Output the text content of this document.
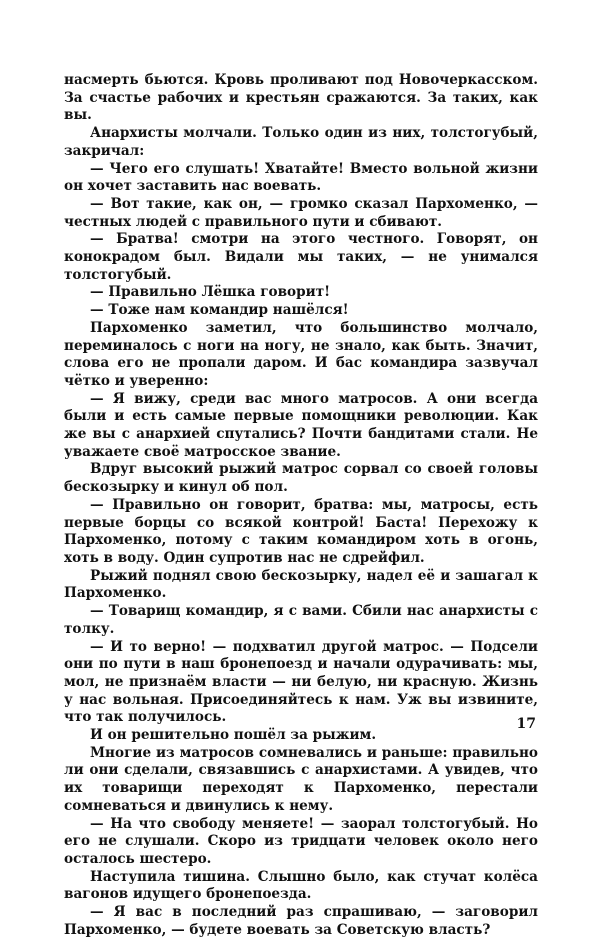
насмерть бьются. Кровь проливают под Новочеркасском. За счастье рабочих и крестьян сражаются. За таких, как вы.

Анархисты молчали. Только один из них, толстогубый, закричал:

— Чего его слушать! Хватайте! Вместо вольной жизни он хочет заставить нас воевать.

— Вот такие, как он, — громко сказал Пархоменко, — честных людей с правильного пути и сбивают.

— Братва! смотри на этого честного. Говорят, он конокрадом был. Видали мы таких, — не унимался толстогубый.

— Правильно Лёшка говорит!

— Тоже нам командир нашёлся!

Пархоменко заметил, что большинство молчало, переминалось с ноги на ногу, не знало, как быть. Значит, слова его не пропали даром. И бас командира зазвучал чётко и уверенно:

— Я вижу, среди вас много матросов. А они всегда были и есть самые первые помощники революции. Как же вы с анархией спутались? Почти бандитами стали. Не уважаете своё матросское звание.

Вдруг высокий рыжий матрос сорвал со своей головы бескозырку и кинул об пол.

— Правильно он говорит, братва: мы, матросы, есть первые борцы со всякой контрой! Баста! Перехожу к Пархоменко, потому с таким командиром хоть в огонь, хоть в воду. Один супротив нас не сдрейфил.

Рыжий поднял свою бескозырку, надел её и зашагал к Пархоменко.

— Товарищ командир, я с вами. Сбили нас анархисты с толку.

— И то верно! — подхватил другой матрос. — Подсели они по пути в наш бронепоезд и начали одурачивать: мы, мол, не признаём власти — ни белую, ни красную. Жизнь у нас вольная. Присоединяйтесь к нам. Уж вы извините, что так получилось.

И он решительно пошёл за рыжим.

Многие из матросов сомневались и раньше: правильно ли они сделали, связавшись с анархистами. А увидев, что их товарищи переходят к Пархоменко, перестали сомневаться и двинулись к нему.

— На что свободу меняете! — заорал толстогубый. Но его не слушали. Скоро из тридцати человек около него осталось шестеро.

Наступила тишина. Слышно было, как стучат колёса вагонов идущего бронепоезда.

— Я вас в последний раз спрашиваю, — заговорил Пархоменко, — будете воевать за Советскую власть?

17
